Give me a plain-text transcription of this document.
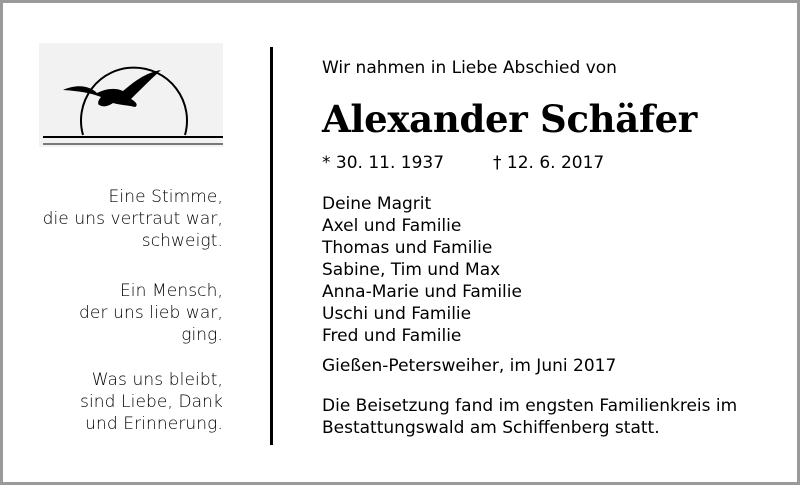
Eine Stimme,
die uns vertraut war,
schweigt.
Ein Mensch,
der uns lieb war,
ging.
Was uns bleibt,
sind Liebe, Dank
und Erinnerung.
Wir nahmen in Liebe Abschied von
Alexander Schäfer
* 30. 11. 1937	† 12. 6. 2017
Deine Magrit
Axel und Familie
Thomas und Familie
Sabine, Tim und Max
Anna-Marie und Familie
Uschi und Familie
Fred und Familie
Gießen-Petersweiher, im Juni 2017
Die Beisetzung fand im engsten Familienkreis im
Bestattungswald am Schiffenberg statt.
